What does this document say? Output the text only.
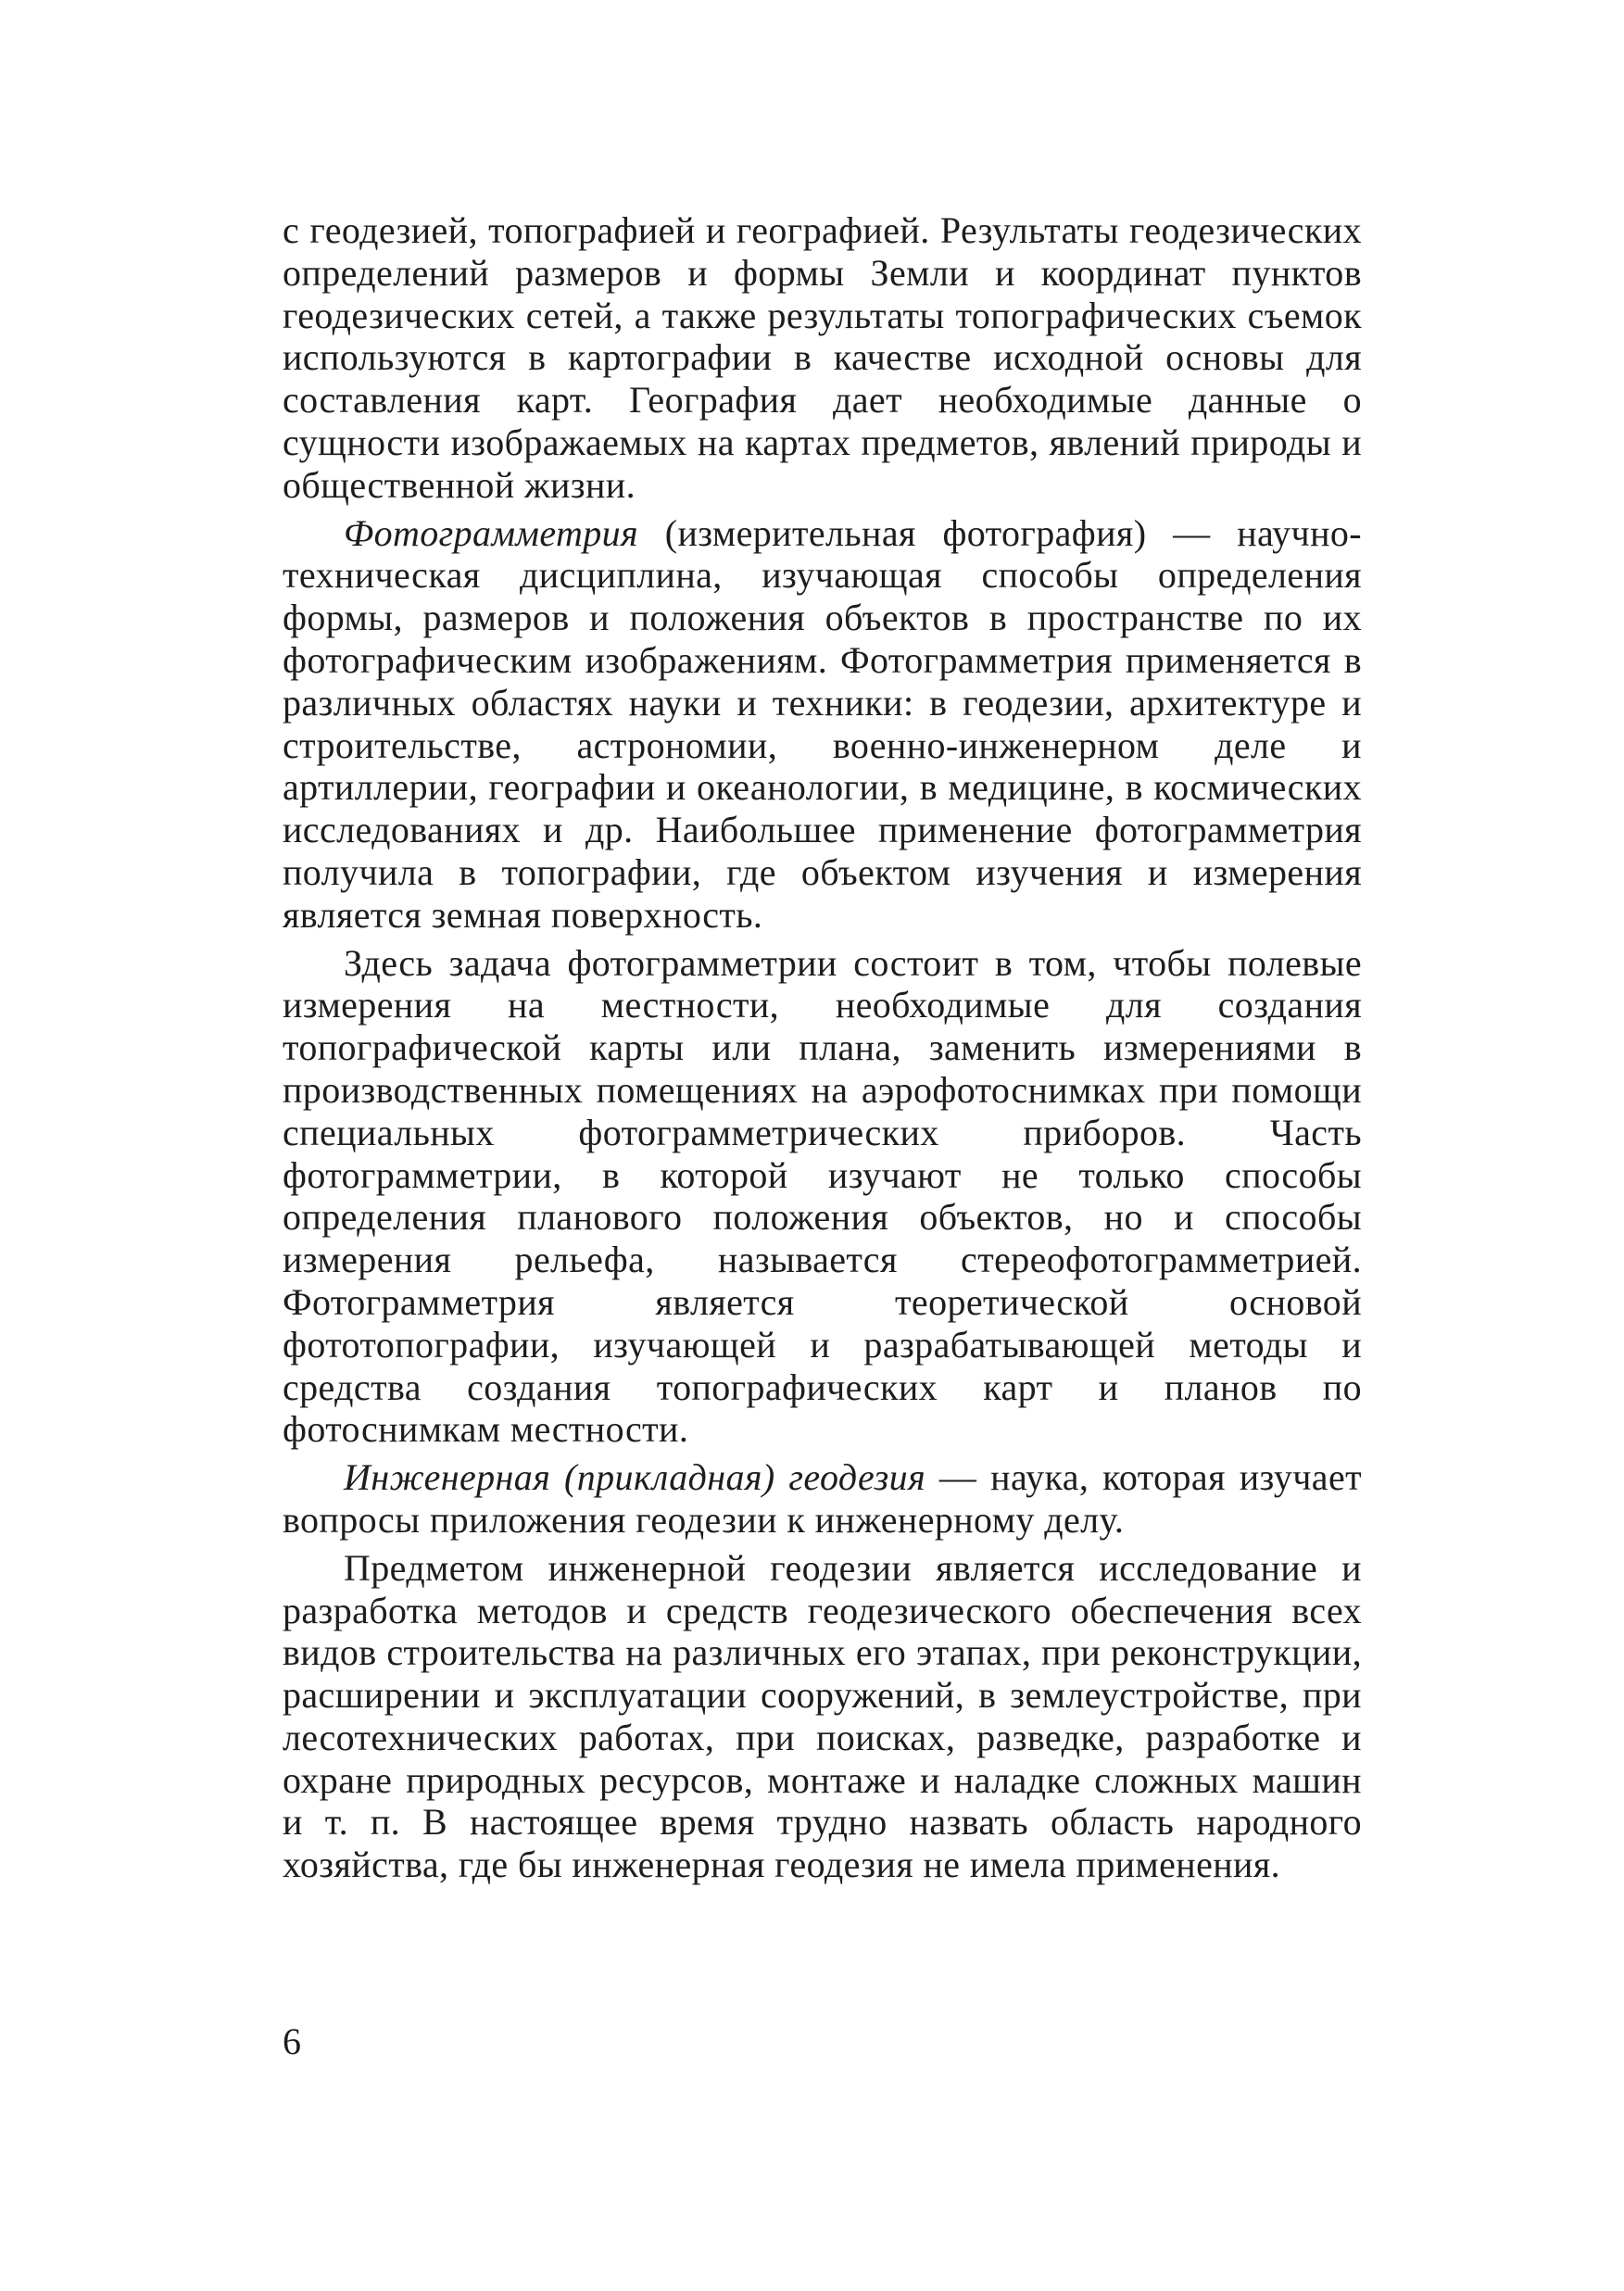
с геодезией, топографией и географией. Результаты геодезических определений размеров и формы Земли и координат пунктов геодезических сетей, а также результаты топографических съемок используются в картографии в качестве исходной основы для составления карт. География дает необходимые данные о сущности изображаемых на картах предметов, явлений природы и общественной жизни.

Фотограмметрия (измерительная фотография) — научно-техническая дисциплина, изучающая способы определения формы, размеров и положения объектов в пространстве по их фотографическим изображениям. Фотограмметрия применяется в различных областях науки и техники: в геодезии, архитектуре и строительстве, астрономии, военно-инженерном деле и артиллерии, географии и океанологии, в медицине, в космических исследованиях и др. Наибольшее применение фотограмметрия получила в топографии, где объектом изучения и измерения является земная поверхность.

Здесь задача фотограмметрии состоит в том, чтобы полевые измерения на местности, необходимые для создания топографической карты или плана, заменить измерениями в производственных помещениях на аэрофотоснимках при помощи специальных фотограмметрических приборов. Часть фотограмметрии, в которой изучают не только способы определения планового положения объектов, но и способы измерения рельефа, называется стереофотограмметрией. Фотограмметрия является теоретической основой фототопографии, изучающей и разрабатывающей методы и средства создания топографических карт и планов по фотоснимкам местности.

Инженерная (прикладная) геодезия — наука, которая изучает вопросы приложения геодезии к инженерному делу.

Предметом инженерной геодезии является исследование и разработка методов и средств геодезического обеспечения всех видов строительства на различных его этапах, при реконструкции, расширении и эксплуатации сооружений, в землеустройстве, при лесотехнических работах, при поисках, разведке, разработке и охране природных ресурсов, монтаже и наладке сложных машин и т. п. В настоящее время трудно назвать область народного хозяйства, где бы инженерная геодезия не имела применения.

6
